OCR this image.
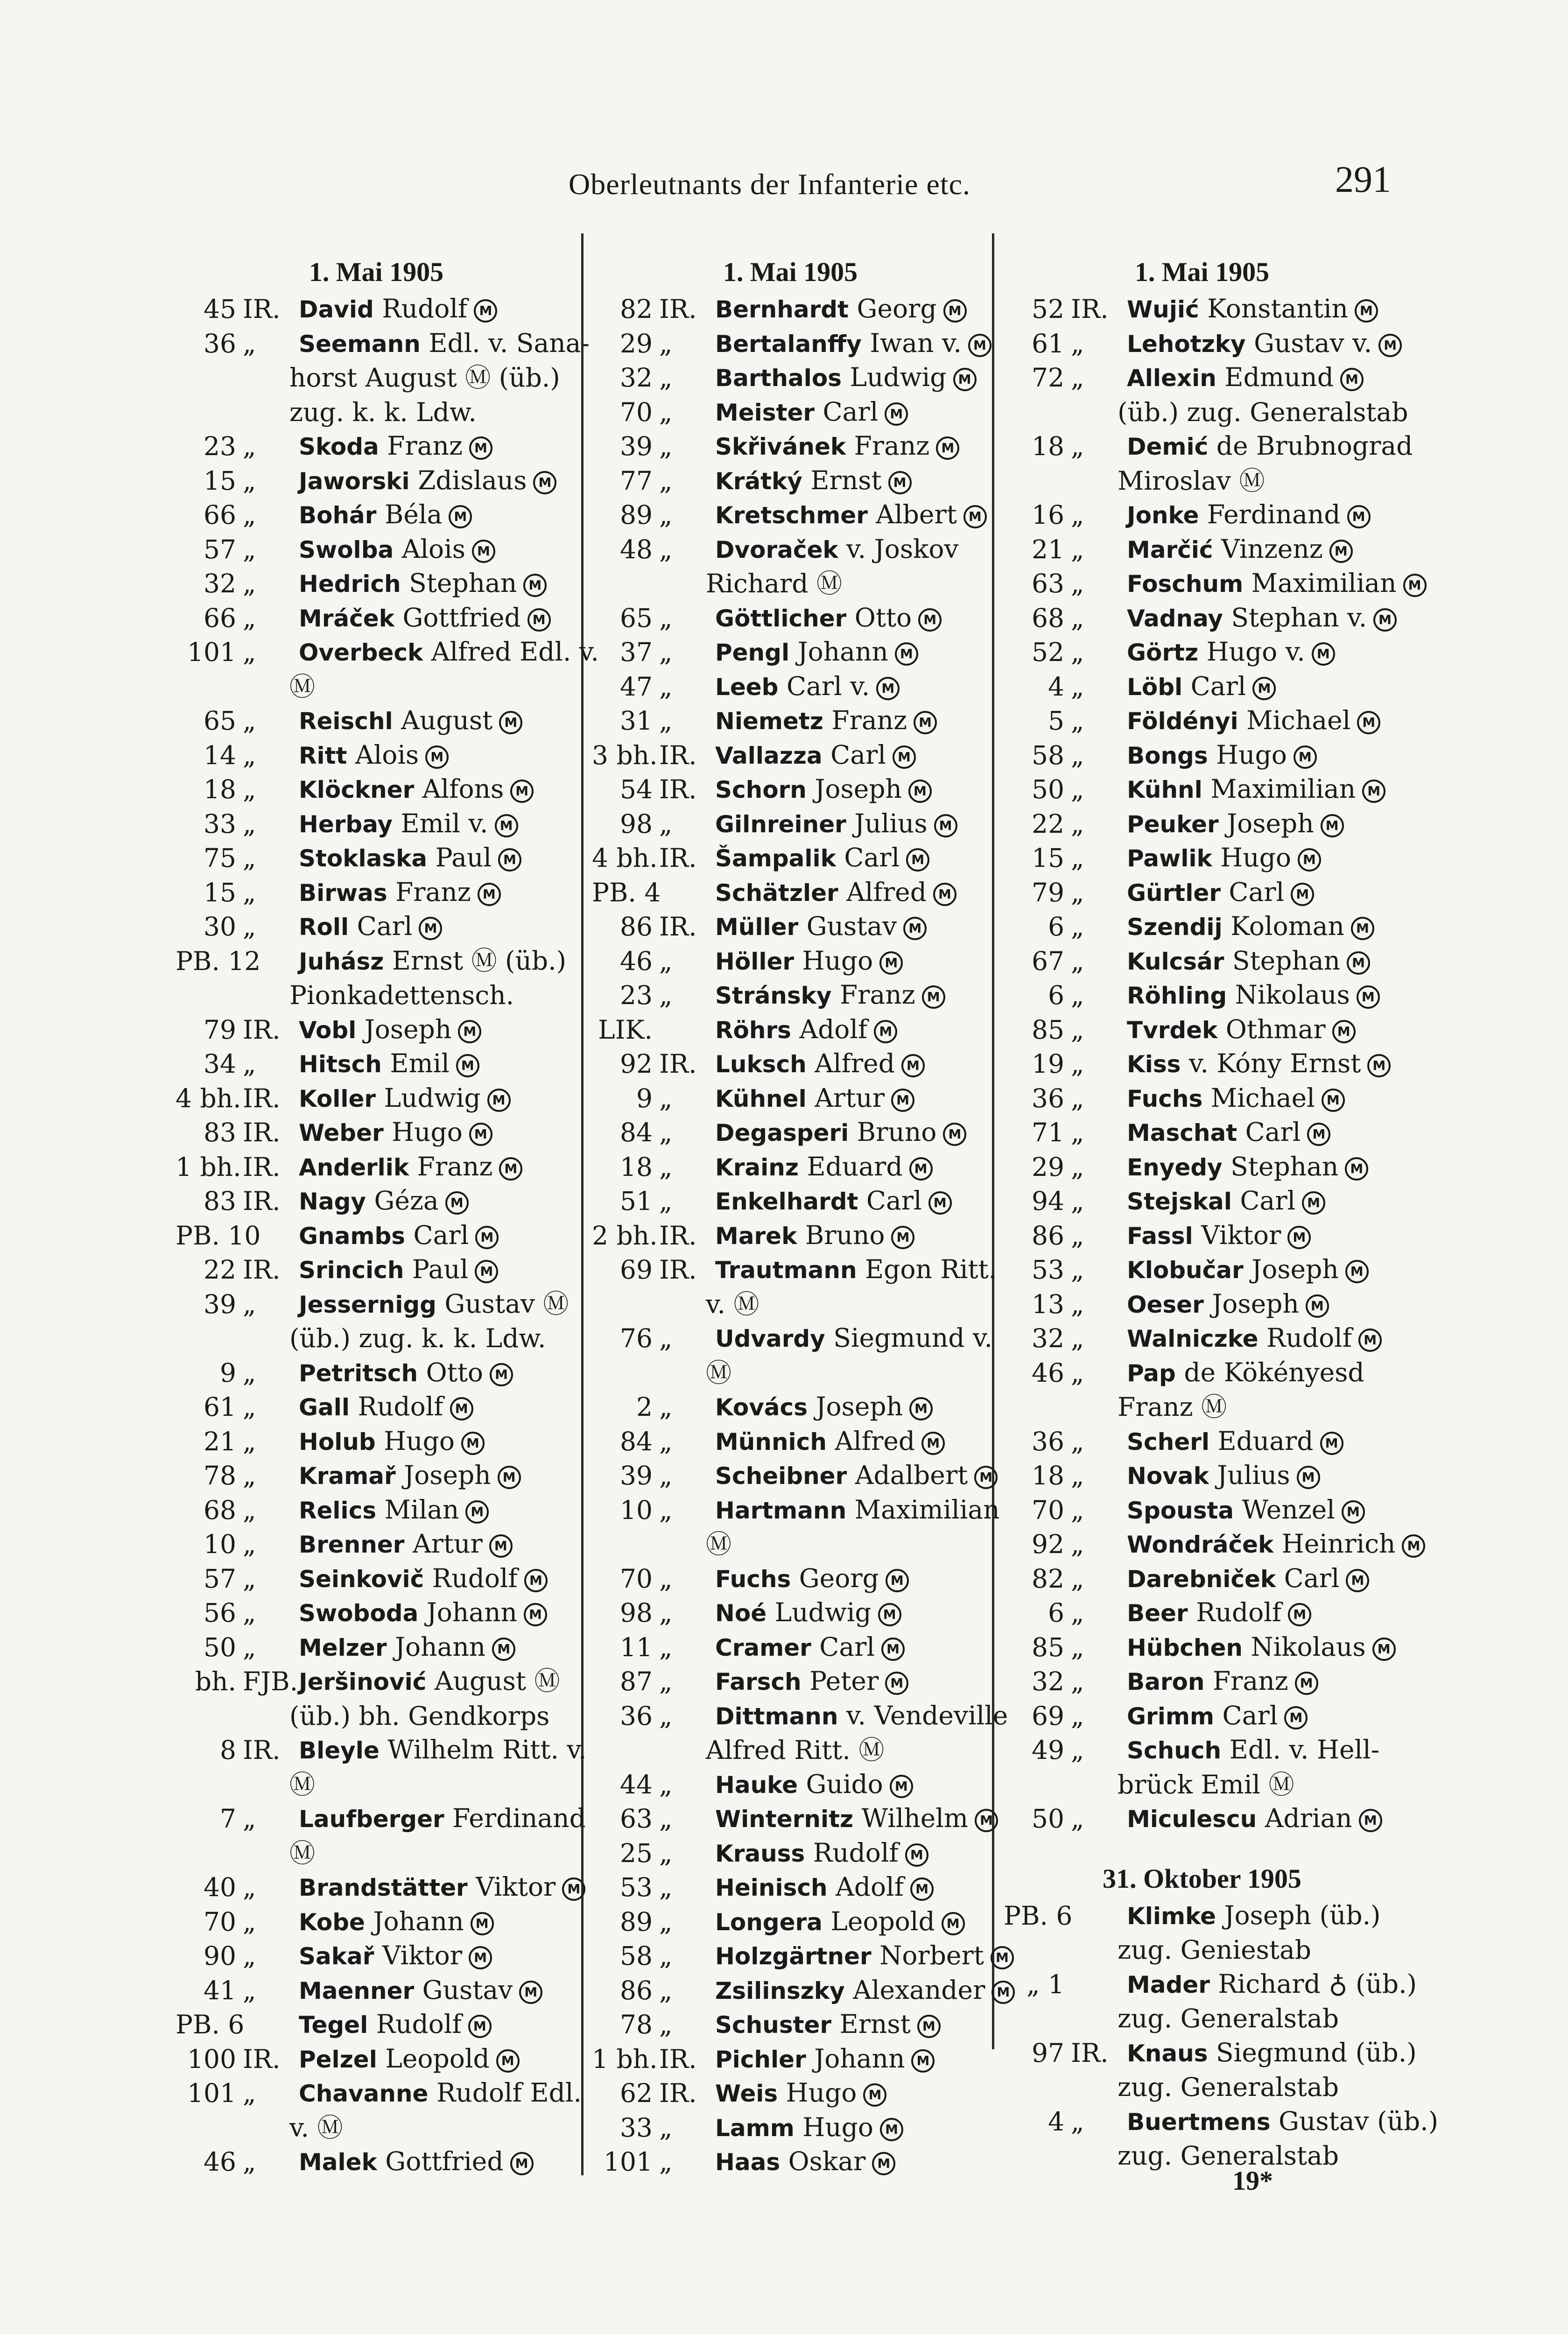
Oberleutnants der Infanterie etc.	291
1. Mai 1905
45 IR. David Rudolf M
36 „	Seemann Edl. v. Sana-
horst August Ⓜ (üb.)
zug. k. k. Ldw.
23 „	Skoda Franz M
15 „	Jaworski Zdislaus M
66 „	Bohár Béla M
57 „	Swolba Alois M
32 „	Hedrich Stephan M
66 „	Mráček Gottfried M
101 „	Overbeck Alfred Edl. v.
Ⓜ
65 „	Reischl August M
14 „	Ritt Alois M
18 „	Klöckner Alfons M
33 „	Herbay Emil v. M
75 „	Stoklaska Paul M
15 „	Birwas Franz M
30 „	Roll Carl M
PB. 12 Juhász Ernst Ⓜ (üb.)
Pionkadettensch.
79 IR. Vobl Joseph M
34 „	Hitsch Emil M
4 bh. IR. Koller Ludwig M
83 IR. Weber Hugo M
1 bh. IR. Anderlik Franz M
83 IR. Nagy Géza M
PB. 10 Gnambs Carl M
22 IR. Srincich Paul M
39 „	Jessernigg Gustav Ⓜ
(üb.) zug. k. k. Ldw.
9 „	Petritsch Otto M
61 „	Gall Rudolf M
21 „	Holub Hugo M
78 „	Kramař Joseph M
68 „	Relics Milan M
10 „	Brenner Artur M
57 „	Seinkovič Rudolf M
56 „	Swoboda Johann M
50 „	Melzer Johann M
bh. FJB. Jeršinović August Ⓜ
(üb.) bh. Gendkorps
8 IR. Bleyle Wilhelm Ritt. v.
Ⓜ
7 „	Laufberger Ferdinand
Ⓜ
40 „	Brandstätter Viktor M
70 „	Kobe Johann M
90 „	Sakař Viktor M
41 „	Maenner Gustav M
PB. 6 Tegel Rudolf M
100 IR. Pelzel Leopold M
101 „	Chavanne Rudolf Edl.
v. Ⓜ
46 „	Malek Gottfried M
1. Mai 1905
82 IR. Bernhardt Georg M
29 „	Bertalanffy Iwan v. M
32 „	Barthalos Ludwig M
70 „	Meister Carl M
39 „	Skřivánek Franz M
77 „	Krátký Ernst M
89 „	Kretschmer Albert M
48 „	Dvoraček v. Joskov
Richard Ⓜ
65 „	Göttlicher Otto M
37 „	Pengl Johann M
47 „	Leeb Carl v. M
31 „	Niemetz Franz M
3 bh. IR. Vallazza Carl M
54 IR. Schorn Joseph M
98 „	Gilnreiner Julius M
4 bh. IR. Šampalik Carl M
PB. 4 Schätzler Alfred M
86 IR. Müller Gustav M
46 „	Höller Hugo M
23 „	Stránsky Franz M
LIK.	Röhrs Adolf M
92 IR. Luksch Alfred M
9 „	Kühnel Artur M
84 „	Degasperi Bruno M
18 „	Krainz Eduard M
51 „	Enkelhardt Carl M
2 bh. IR. Marek Bruno M
69 IR. Trautmann Egon Ritt.
v. Ⓜ
76 „	Udvardy Siegmund v.
Ⓜ
2 „	Kovács Joseph M
84 „	Münnich Alfred M
39 „	Scheibner Adalbert M
10 „	Hartmann Maximilian
Ⓜ
70 „	Fuchs Georg M
98 „	Noé Ludwig M
11 „	Cramer Carl M
87 „	Farsch Peter M
36 „	Dittmann v. Vendeville
Alfred Ritt. Ⓜ
44 „	Hauke Guido M
63 „	Winternitz Wilhelm M
25 „	Krauss Rudolf M
53 „	Heinisch Adolf M
89 „	Longera Leopold M
58 „	Holzgärtner Norbert M
86 „	Zsilinszky Alexander M
78 „	Schuster Ernst M
1 bh. IR. Pichler Johann M
62 IR. Weis Hugo M
33 „	Lamm Hugo M
101 „	Haas Oskar M
1. Mai 1905
52 IR. Wujić Konstantin M
61 „	Lehotzky Gustav v. M
72 „	Allexin Edmund M
(üb.) zug. Generalstab
18 „	Demić de Brubnograd
Miroslav Ⓜ
16 „	Jonke Ferdinand M
21 „	Marčić Vinzenz M
63 „	Foschum Maximilian M
68 „	Vadnay Stephan v. M
52 „	Görtz Hugo v. M
4 „	Löbl Carl M
5 „	Földényi Michael M
58 „	Bongs Hugo M
50 „	Kühnl Maximilian M
22 „	Peuker Joseph M
15 „	Pawlik Hugo M
79 „	Gürtler Carl M
6 „	Szendij Koloman M
67 „	Kulcsár Stephan M
6 „	Röhling Nikolaus M
85 „	Tvrdek Othmar M
19 „	Kiss v. Kóny Ernst M
36 „	Fuchs Michael M
71 „	Maschat Carl M
29 „	Enyedy Stephan M
94 „	Stejskal Carl M
86 „	Fassl Viktor M
53 „	Klobučar Joseph M
13 „	Oeser Joseph M
32 „	Walniczke Rudolf M
46 „	Pap de Kökényesd
Franz Ⓜ
36 „	Scherl Eduard M
18 „	Novak Julius M
70 „	Spousta Wenzel M
92 „	Wondráček Heinrich M
82 „	Darebniček Carl M
6 „	Beer Rudolf M
85 „	Hübchen Nikolaus M
32 „	Baron Franz M
69 „	Grimm Carl M
49 „	Schuch Edl. v. Hell-
brück Emil Ⓜ
50 „	Miculescu Adrian M
31. Oktober 1905
PB. 6 Klimke Joseph (üb.)
zug. Geniestab
„ 1	Mader Richard ♁ (üb.)
zug. Generalstab
97 IR. Knaus Siegmund (üb.)
zug. Generalstab
4 „	Buertmens Gustav (üb.)
zug. Generalstab
19*
